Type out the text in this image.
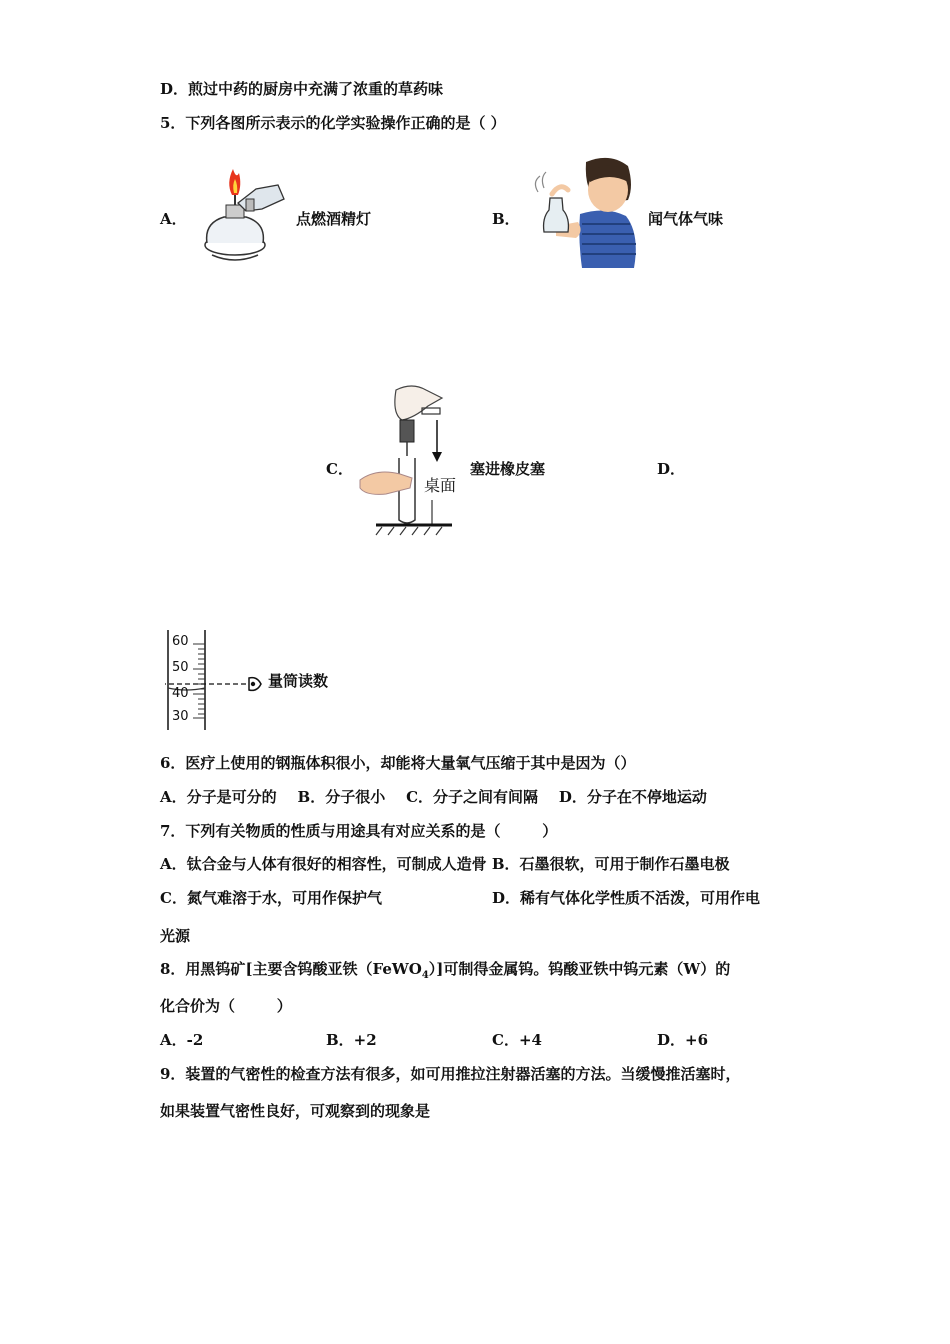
D．煎过中药的厨房中充满了浓重的草药味
5．下列各图所示表示的化学实验操作正确的是（ ）
A．	点燃酒精灯	B．	闻气体气味
C．
桌面
塞进橡皮塞	D．
60
50
40
30
量筒读数
6．医疗上使用的钢瓶体积很小，却能将大量氧气压缩于其中是因为（）
A．分子是可分的    B．分子很小    C．分子之间有间隔    D．分子在不停地运动
7．下列有关物质的性质与用途具有对应关系的是（        ）
A．钛合金与人体有很好的相容性，可制成人造骨 B．石墨很软，可用于制作石墨电极
C．氮气难溶于水，可用作保护气	D．稀有气体化学性质不活泼，可用作电
光源
8．用黑钨矿[主要含钨酸亚铁（FeWO$_4$）]可制得金属钨。钨酸亚铁中钨元素（W）的
化合价为（        ）
A．-2	B．+2	C．+4	D．+6
9．装置的气密性的检查方法有很多，如可用推拉注射器活塞的方法。当缓慢推活塞时，
如果装置气密性良好，可观察到的现象是
